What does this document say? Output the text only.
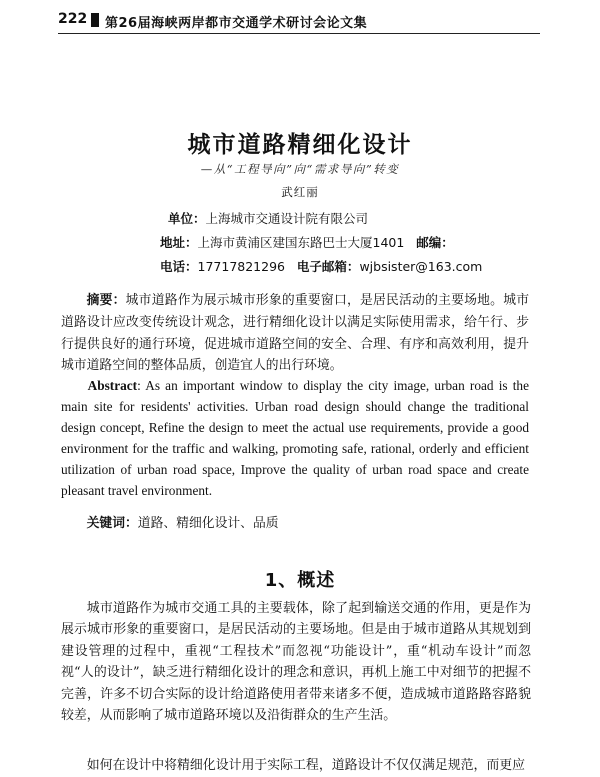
222 第26届海峡两岸都市交通学术研讨会论文集
城市道路精细化设计
—从“工程导向”向“需求导向”转变
武红丽
单位：上海城市交通设计院有限公司
地址：上海市黄浦区建国东路巴士大厦1401 邮编：
电话：17717821296 电子邮箱：wjbsister@163.com

摘要：城市道路作为展示城市形象的重要窗口，是居民活动的主要场地。城市道路设计应改变传统设计观念，进行精细化设计以满足实际使用需求，给午行、步行提供良好的通行环境，促进城市道路空间的安全、合理、有序和高效利用，提升城市道路空间的整体品质，创造宜人的出行环境。

Abstract: As an important window to display the city image, urban road is the main site for residents' activities. Urban road design should change the traditional design concept, Refine the design to meet the actual use requirements, provide a good environment for the traffic and walking, promoting safe, rational, orderly and efficient utilization of urban road space, Improve the quality of urban road space and create pleasant travel environment.

关键词：道路、精细化设计、品质
1、概述

城市道路作为城市交通工具的主要载体，除了起到输送交通的作用，更是作为展示城市形象的重要窗口，是居民活动的主要场地。但是由于城市道路从其规划到建设管理的过程中，重视“工程技术”而忽视“功能设计”，重“机动车设计”而忽视“人的设计”，缺乏进行精细化设计的理念和意识，再机上施工中对细节的把握不完善，许多不切合实际的设计给道路使用者带来诸多不便，造成城市道路路容路貌较差，从而影响了城市道路环境以及沿街群众的生产生活。

如何在设计中将精细化设计用于实际工程，道路设计不仅仅满足规范，而更应
